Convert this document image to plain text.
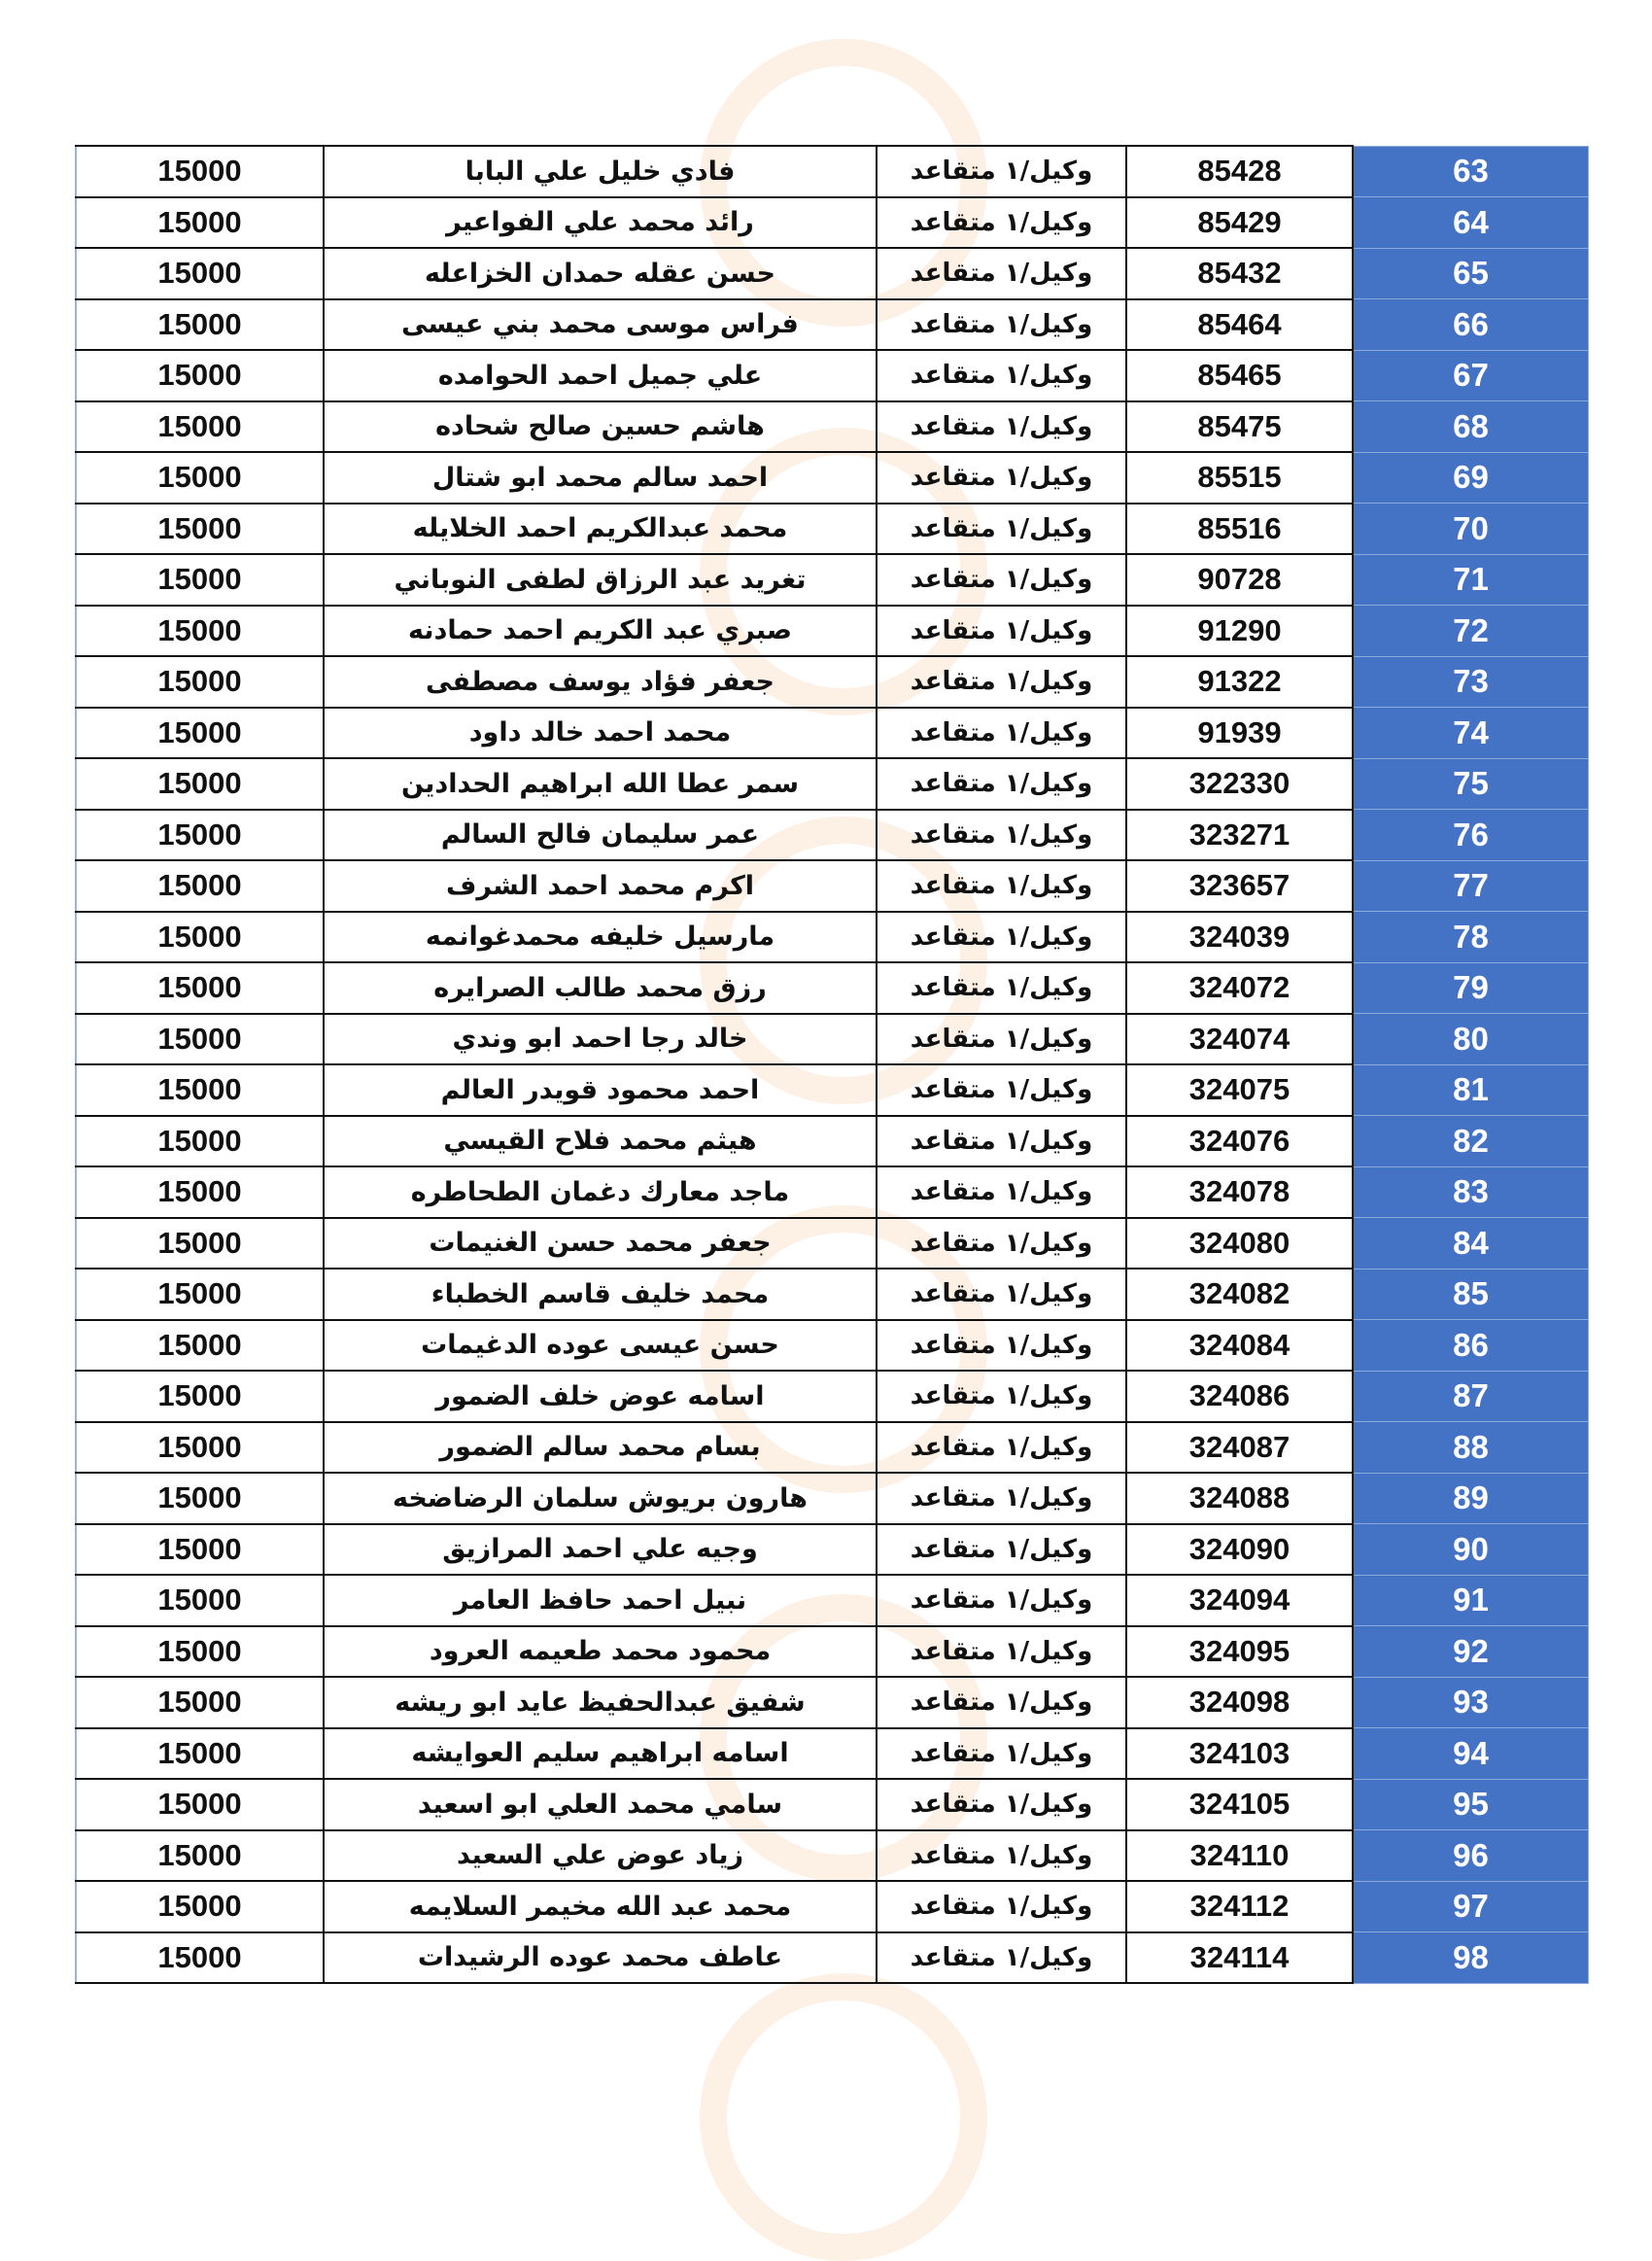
15000	فادي خليل علي البابا	وكيل/١ متقاعد	85428	63
15000	رائد محمد علي الفواعير	وكيل/١ متقاعد	85429	64
15000	حسن عقله حمدان الخزاعله	وكيل/١ متقاعد	85432	65
15000	فراس موسى محمد بني عيسى	وكيل/١ متقاعد	85464	66
15000	علي جميل احمد الحوامده	وكيل/١ متقاعد	85465	67
15000	هاشم حسين صالح شحاده	وكيل/١ متقاعد	85475	68
15000	احمد سالم محمد ابو شتال	وكيل/١ متقاعد	85515	69
15000	محمد عبدالكريم احمد الخلايله	وكيل/١ متقاعد	85516	70
15000	تغريد عبد الرزاق لطفى النوباني	وكيل/١ متقاعد	90728	71
15000	صبري عبد الكريم احمد حمادنه	وكيل/١ متقاعد	91290	72
15000	جعفر فؤاد يوسف مصطفى	وكيل/١ متقاعد	91322	73
15000	محمد احمد خالد داود	وكيل/١ متقاعد	91939	74
15000	سمر عطا الله ابراهيم الحدادين	وكيل/١ متقاعد	322330	75
15000	عمر سليمان فالح السالم	وكيل/١ متقاعد	323271	76
15000	اكرم محمد احمد الشرف	وكيل/١ متقاعد	323657	77
15000	مارسيل خليفه محمدغوانمه	وكيل/١ متقاعد	324039	78
15000	رزق محمد طالب الصرايره	وكيل/١ متقاعد	324072	79
15000	خالد رجا احمد ابو وندي	وكيل/١ متقاعد	324074	80
15000	احمد محمود قويدر العالم	وكيل/١ متقاعد	324075	81
15000	هيثم محمد فلاح القيسي	وكيل/١ متقاعد	324076	82
15000	ماجد معارك دغمان الطحاطره	وكيل/١ متقاعد	324078	83
15000	جعفر محمد حسن الغنيمات	وكيل/١ متقاعد	324080	84
15000	محمد خليف قاسم الخطباء	وكيل/١ متقاعد	324082	85
15000	حسن عيسى عوده الدغيمات	وكيل/١ متقاعد	324084	86
15000	اسامه عوض خلف الضمور	وكيل/١ متقاعد	324086	87
15000	بسام محمد سالم الضمور	وكيل/١ متقاعد	324087	88
15000	هارون بريوش سلمان الرضاضخه	وكيل/١ متقاعد	324088	89
15000	وجيه علي احمد المرازيق	وكيل/١ متقاعد	324090	90
15000	نبيل احمد حافظ العامر	وكيل/١ متقاعد	324094	91
15000	محمود محمد طعيمه العرود	وكيل/١ متقاعد	324095	92
15000	شفيق عبدالحفيظ عايد ابو ريشه	وكيل/١ متقاعد	324098	93
15000	اسامه ابراهيم سليم العوايشه	وكيل/١ متقاعد	324103	94
15000	سامي محمد العلي ابو اسعيد	وكيل/١ متقاعد	324105	95
15000	زياد عوض علي السعيد	وكيل/١ متقاعد	324110	96
15000	محمد عبد الله مخيمر السلايمه	وكيل/١ متقاعد	324112	97
15000	عاطف محمد عوده الرشيدات	وكيل/١ متقاعد	324114	98
